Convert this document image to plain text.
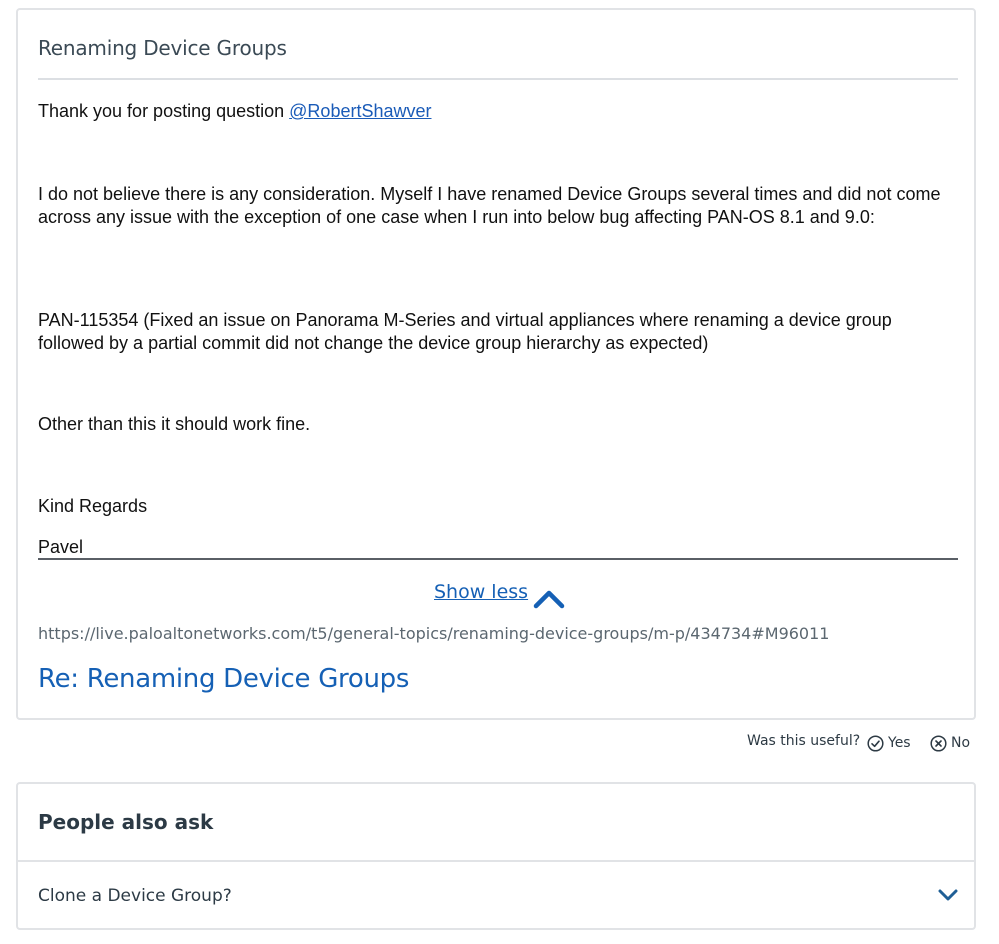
Renaming Device Groups
Thank you for posting question @RobertShawver
I do not believe there is any consideration. Myself I have renamed Device Groups several times and did not come across any issue with the exception of one case when I run into below bug affecting PAN-OS 8.1 and 9.0:
PAN-115354 (Fixed an issue on Panorama M-Series and virtual appliances where renaming a device group followed by a partial commit did not change the device group hierarchy as expected)
Other than this it should work fine.
Kind Regards
Pavel
Show less
https://live.paloaltonetworks.com/t5/general-topics/renaming-device-groups/m-p/434734#M96011
Re: Renaming Device Groups
Was this useful? Yes	No
People also ask
Clone a Device Group?
